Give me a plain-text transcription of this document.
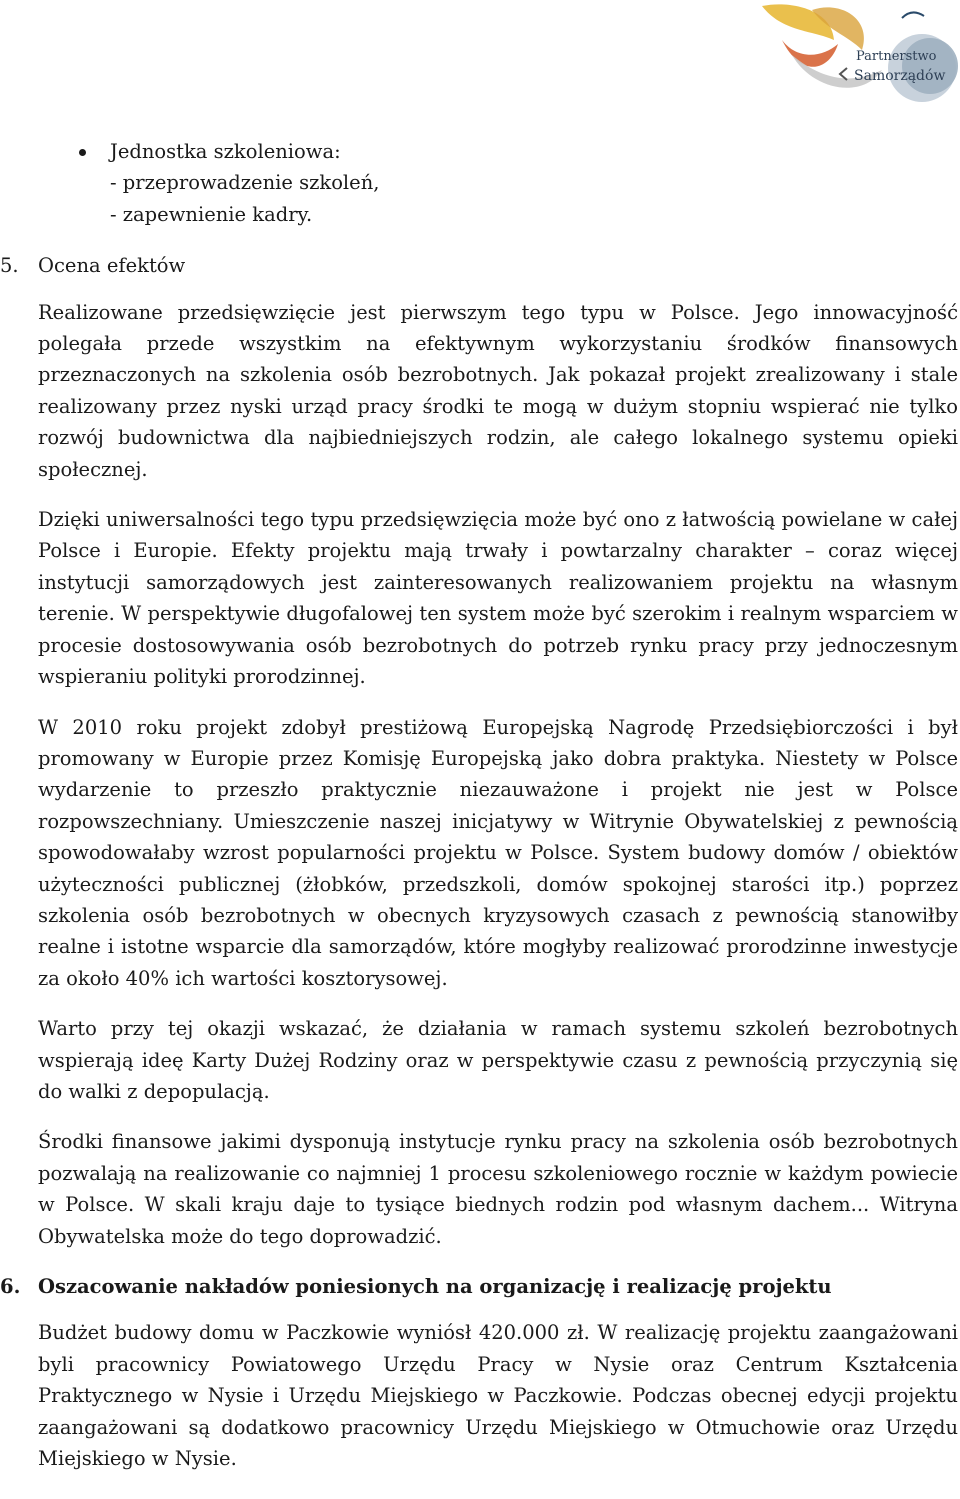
Partnerstwo
Samorządów
Jednostka szkoleniowa:
- przeprowadzenie szkoleń,
- zapewnienie kadry.
5. Ocena efektów

Realizowane przedsięwzięcie jest pierwszym tego typu w Polsce. Jego innowacyjność polegała przede wszystkim na efektywnym wykorzystaniu środków finansowych przeznaczonych na szkolenia osób bezrobotnych. Jak pokazał projekt zrealizowany i stale realizowany przez nyski urząd pracy środki te mogą w dużym stopniu wspierać nie tylko rozwój budownictwa dla najbiedniejszych rodzin, ale całego lokalnego systemu opieki społecznej.

Dzięki uniwersalności tego typu przedsięwzięcia może być ono z łatwością powielane w całej Polsce i Europie. Efekty projektu mają trwały i powtarzalny charakter – coraz więcej instytucji samorządowych jest zainteresowanych realizowaniem projektu na własnym terenie. W perspektywie długofalowej ten system może być szerokim i realnym wsparciem w procesie dostosowywania osób bezrobotnych do potrzeb rynku pracy przy jednoczesnym wspieraniu polityki prorodzinnej.

W 2010 roku projekt zdobył prestiżową Europejską Nagrodę Przedsiębiorczości i był promowany w Europie przez Komisję Europejską jako dobra praktyka. Niestety w Polsce wydarzenie to przeszło praktycznie niezauważone i projekt nie jest w Polsce rozpowszechniany. Umieszczenie naszej inicjatywy w Witrynie Obywatelskiej z pewnością spowodowałaby wzrost popularności projektu w Polsce. System budowy domów / obiektów użyteczności publicznej (żłobków, przedszkoli, domów spokojnej starości itp.) poprzez szkolenia osób bezrobotnych w obecnych kryzysowych czasach z pewnością stanowiłby realne i istotne wsparcie dla samorządów, które mogłyby realizować prorodzinne inwestycje za około 40% ich wartości kosztorysowej.

Warto przy tej okazji wskazać, że działania w ramach systemu szkoleń bezrobotnych wspierają ideę Karty Dużej Rodziny oraz w perspektywie czasu z pewnością przyczynią się do walki z depopulacją.

Środki finansowe jakimi dysponują instytucje rynku pracy na szkolenia osób bezrobotnych pozwalają na realizowanie co najmniej 1 procesu szkoleniowego rocznie w każdym powiecie w Polsce. W skali kraju daje to tysiące biednych rodzin pod własnym dachem... Witryna Obywatelska może do tego doprowadzić.

6. Oszacowanie nakładów poniesionych na organizację i realizację projektu

Budżet budowy domu w Paczkowie wyniósł 420.000 zł. W realizację projektu zaangażowani byli pracownicy Powiatowego Urzędu Pracy w Nysie oraz Centrum Kształcenia Praktycznego w Nysie i Urzędu Miejskiego w Paczkowie. Podczas obecnej edycji projektu zaangażowani są dodatkowo pracownicy Urzędu Miejskiego w Otmuchowie oraz Urzędu Miejskiego w Nysie.
